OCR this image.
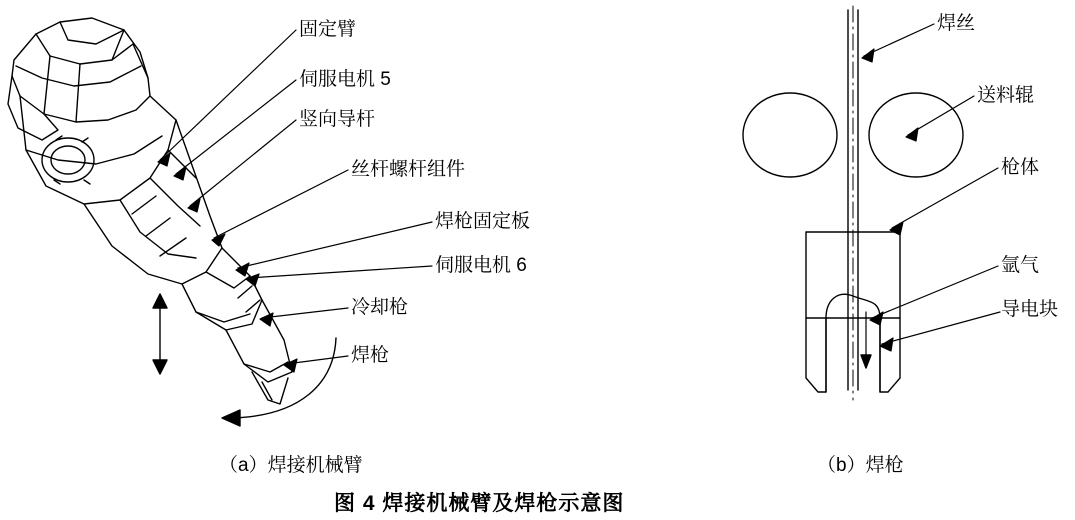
固定臂
伺服电机 5
竖向导杆
丝杆螺杆组件
焊枪固定板
伺服电机 6
冷却枪
焊枪
焊丝
送料辊
枪体
氩气
导电块
（a）焊接机械臂	（b）焊枪
图 4 焊接机械臂及焊枪示意图
